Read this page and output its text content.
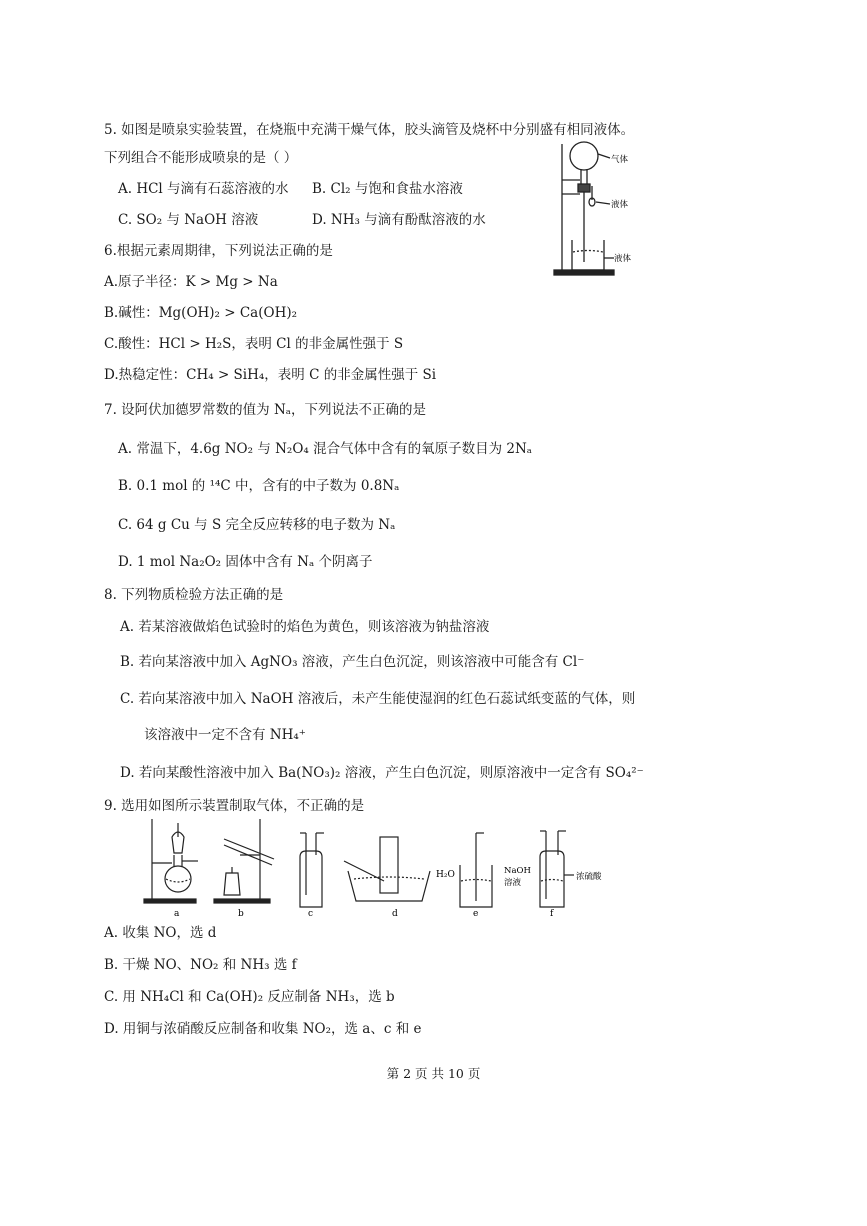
5. 如图是喷泉实验装置，在烧瓶中充满干燥气体，胶头滴管及烧杯中分别盛有相同液体。
下列组合不能形成喷泉的是（ ）
A. HCl 与滴有石蕊溶液的水 B. Cl₂ 与饱和食盐水溶液
C. SO₂ 与 NaOH 溶液	D. NH₃ 与滴有酚酞溶液的水
气体
液体
液体
6.根据元素周期律，下列说法正确的是
A.原子半径：K > Mg > Na
B.碱性：Mg(OH)₂ > Ca(OH)₂
C.酸性：HCl > H₂S，表明 Cl 的非金属性强于 S
D.热稳定性：CH₄ > SiH₄，表明 C 的非金属性强于 Si
7. 设阿伏加德罗常数的值为 Nₐ，下列说法不正确的是
A. 常温下，4.6g NO₂ 与 N₂O₄ 混合气体中含有的氧原子数目为 2Nₐ
B. 0.1 mol 的 ¹⁴C 中，含有的中子数为 0.8Nₐ
C. 64 g Cu 与 S 完全反应转移的电子数为 Nₐ
D. 1 mol Na₂O₂ 固体中含有 Nₐ 个阴离子
8. 下列物质检验方法正确的是
A. 若某溶液做焰色试验时的焰色为黄色，则该溶液为钠盐溶液
B. 若向某溶液中加入 AgNO₃ 溶液，产生白色沉淀，则该溶液中可能含有 Cl⁻
C. 若向某溶液中加入 NaOH 溶液后，未产生能使湿润的红色石蕊试纸变蓝的气体，则
该溶液中一定不含有 NH₄⁺
D. 若向某酸性溶液中加入 Ba(NO₃)₂ 溶液，产生白色沉淀，则原溶液中一定含有 SO₄²⁻
9. 选用如图所示装置制取气体，不正确的是
H₂O	NaOH
溶液
浓硫酸
a	b	c	d	e	f
A. 收集 NO，选 d
B. 干燥 NO、NO₂ 和 NH₃ 选 f
C. 用 NH₄Cl 和 Ca(OH)₂ 反应制备 NH₃，选 b
D. 用铜与浓硝酸反应制备和收集 NO₂，选 a、c 和 e
第 2 页 共 10 页
